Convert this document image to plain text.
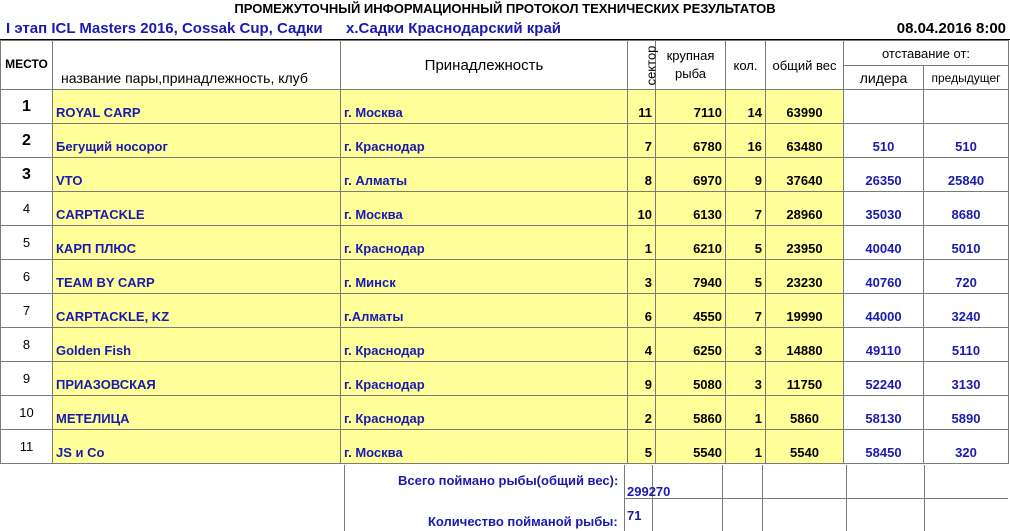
ПРОМЕЖУТОЧНЫЙ ИНФОРМАЦИОННЫЙ ПРОТОКОЛ ТЕХНИЧЕСКИХ РЕЗУЛЬТАТОВ
I этап ICL Masters 2016, Cossak Cup, Садки	х.Садки Краснодарский край	08.04.2016 8:00
МЕСТО	название пары,принадлежность, клуб	Принадлежность	сектор	крупная рыба	кол.	общий вес	отставание от:	
							лидера	предыдущег
1	ROYAL CARP	г. Москва	11	7110	14	63990		
2	Бегущий носорог	г. Краснодар	7	6780	16	63480	510	510
3	VTO	г. Алматы	8	6970	9	37640	26350	25840
4	CARPTACKLE	г. Москва	10	6130	7	28960	35030	8680
5	КАРП ПЛЮС	г. Краснодар	1	6210	5	23950	40040	5010
6	TEAM BY CARP	г. Минск	3	7940	5	23230	40760	720
7	CARPTACKLE, KZ	г.Алматы	6	4550	7	19990	44000	3240
8	Golden Fish	г. Краснодар	4	6250	3	14880	49110	5110
9	ПРИАЗОВСКАЯ	г. Краснодар	9	5080	3	11750	52240	3130
10	МЕТЕЛИЦА	г. Краснодар	2	5860	1	5860	58130	5890
11	JS и Co	г. Москва	5	5540	1	5540	58450	320
Всего поймано рыбы(общий вес):
299270
Количество пойманой рыбы: 71
